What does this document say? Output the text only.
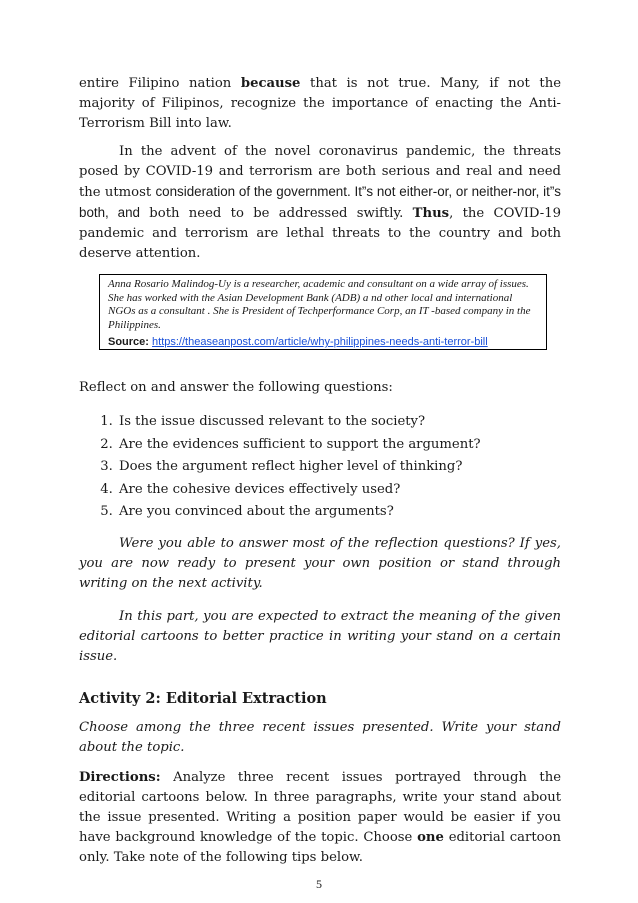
entire Filipino nation because that is not true. Many, if not the majority of Filipinos, recognize the importance of enacting the Anti-Terrorism Bill into law.

In the advent of the novel coronavirus pandemic, the threats posed by COVID-19 and terrorism are both serious and real and need the utmost consideration of the government. It”s not either-or, or neither-nor, it”s both, and both need to be addressed swiftly. Thus, the COVID-19 pandemic and terrorism are lethal threats to the country and both deserve attention.

Anna Rosario Malindog-Uy is a researcher, academic and consultant on a wide array of issues. She has worked with the Asian Development Bank (ADB) a nd other local and international NGOs as a consultant . She is President of Techperformance Corp, an IT -based company in the Philippines.
Source: https://theaseanpost.com/article/why-philippines-needs-anti-terror-bill

Reflect on and answer the following questions:

1. Is the issue discussed relevant to the society?
2. Are the evidences sufficient to support the argument?
3. Does the argument reflect higher level of thinking?
4. Are the cohesive devices effectively used?
5. Are you convinced about the arguments?

Were you able to answer most of the reflection questions? If yes, you are now ready to present your own position or stand through writing on the next activity.

In this part, you are expected to extract the meaning of the given editorial cartoons to better practice in writing your stand on a certain issue.

Activity 2: Editorial Extraction

Choose among the three recent issues presented. Write your stand about the topic.

Directions: Analyze three recent issues portrayed through the editorial cartoons below. In three paragraphs, write your stand about the issue presented. Writing a position paper would be easier if you have background knowledge of the topic. Choose one editorial cartoon only. Take note of the following tips below.

5
